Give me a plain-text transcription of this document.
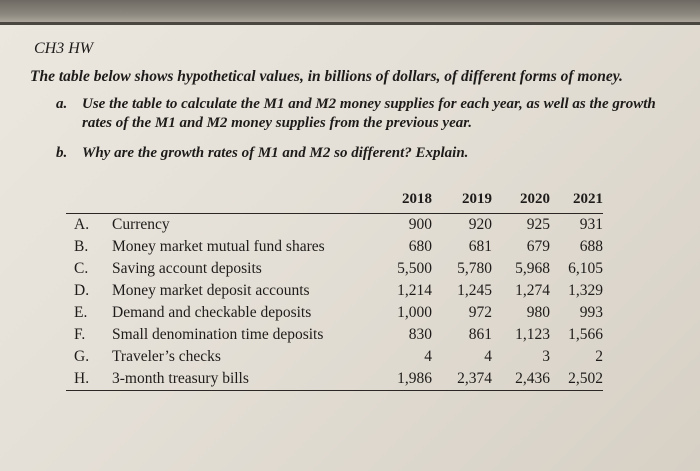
CH3 HW
The table below shows hypothetical values, in billions of dollars, of different forms of money.
a. Use the table to calculate the M1 and M2 money supplies for each year, as well as the growth rates of the M1 and M2 money supplies from the previous year.
b. Why are the growth rates of M1 and M2 so different? Explain.
		2018	2019	2020	2021
A.	Currency	900	920	925	931
B.	Money market mutual fund shares	680	681	679	688
C.	Saving account deposits	5,500	5,780	5,968	6,105
D.	Money market deposit accounts	1,214	1,245	1,274	1,329
E.	Demand and checkable deposits	1,000	972	980	993
F.	Small denomination time deposits	830	861	1,123	1,566
G.	Traveler’s checks	4	4	3	2
H.	3-month treasury bills	1,986	2,374	2,436	2,502
